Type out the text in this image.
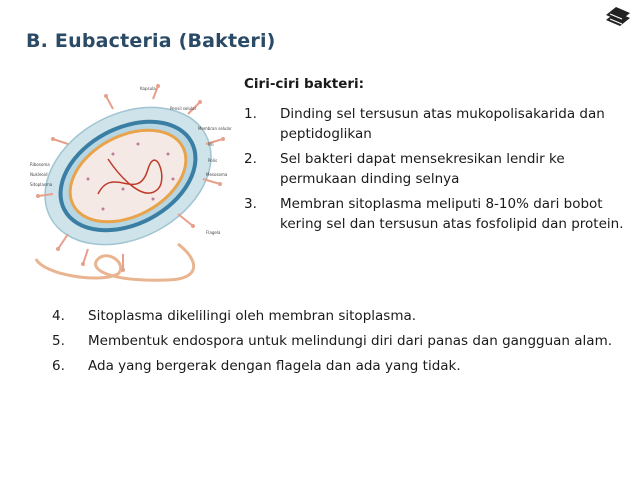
B. Eubacteria (Bakteri)
Ribosoma
Nukleoid
Sitoplasma
Kapsula
Pensil selular
Membran selular
Pili
Polis
Mesosoma
Flagela
Ciri-ciri bakteri:
1. Dinding sel tersusun atas mukopolisakarida dan peptidoglikan
2. Sel bakteri dapat mensekresikan lendir ke permukaan dinding selnya
3. Membran sitoplasma meliputi 8-10% dari bobot kering sel dan tersusun atas fosfolipid dan protein.
4. Sitoplasma dikelilingi oleh membran sitoplasma.
5. Membentuk endospora untuk melindungi diri dari panas dan gangguan alam.
6. Ada yang bergerak dengan flagela dan ada yang tidak.
